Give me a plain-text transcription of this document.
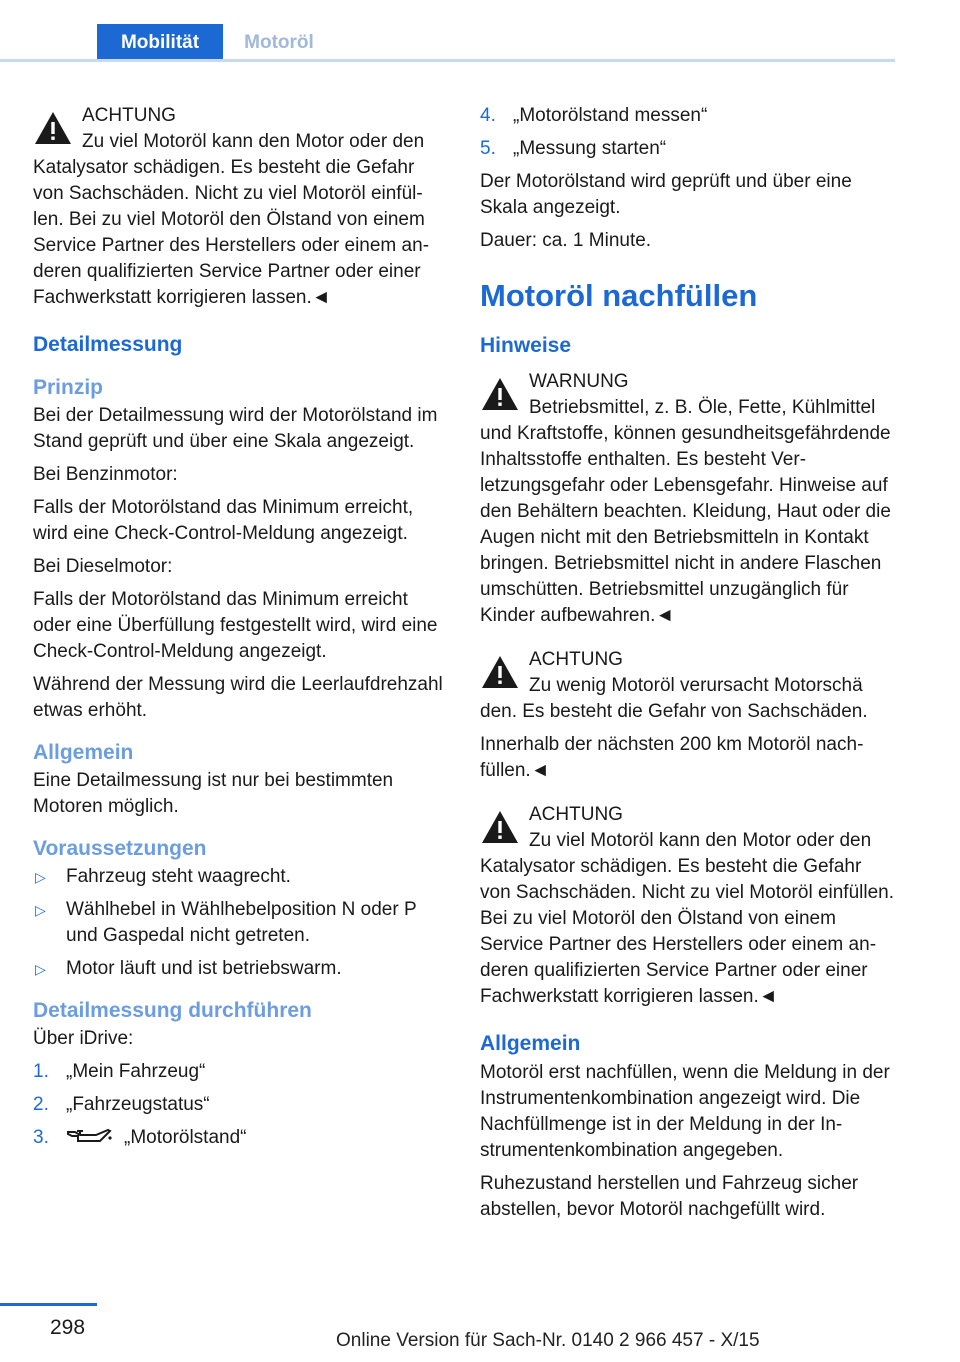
Mobilität	Motoröl
ACHTUNG
Zu viel Motoröl kann den Motor oder den
Katalysator schädigen. Es besteht die Gefahr von Sachschäden. Nicht zu viel Motoröl einfüllen. Bei zu viel Motoröl den Ölstand von einem Service Partner des Herstellers oder einem anderen qualifizierten Service Partner oder einer Fachwerkstatt korrigieren lassen.◄
Detailmessung
Prinzip

Bei der Detailmessung wird der Motorölstand im Stand geprüft und über eine Skala angezeigt.

Bei Benzinmotor:

Falls der Motorölstand das Minimum erreicht, wird eine Check-Control-Meldung angezeigt.

Bei Dieselmotor:

Falls der Motorölstand das Minimum erreicht oder eine Überfüllung festgestellt wird, wird eine Check-Control-Meldung angezeigt.

Während der Messung wird die Leerlaufdrehzahl etwas erhöht.

Allgemein

Eine Detailmessung ist nur bei bestimmten Motoren möglich.

Voraussetzungen
▷ Fahrzeug steht waagrecht.
▷ Wählhebel in Wählhebelposition N oder P und Gaspedal nicht getreten.
▷ Motor läuft und ist betriebswarm.
Detailmessung durchführen

Über iDrive:

1. „Mein Fahrzeug“
2. „Fahrzeugstatus“
3.	„Motorölstand“
4. „Motorölstand messen“
5. „Messung starten“

Der Motorölstand wird geprüft und über eine Skala angezeigt.

Dauer: ca. 1 Minute.

Motoröl nachfüllen
Hinweise
WARNUNG
Betriebsmittel, z. B. Öle, Fette, Kühlmittel
und Kraftstoffe, können gesundheitsgefährdende Inhaltsstoffe enthalten. Es besteht Verletzungsgefahr oder Lebensgefahr. Hinweise auf den Behältern beachten. Kleidung, Haut oder die Augen nicht mit den Betriebsmitteln in Kontakt bringen. Betriebsmittel nicht in andere Flaschen umschütten. Betriebsmittel unzugänglich für Kinder aufbewahren.◄
ACHTUNG
Zu wenig Motoröl verursacht Motorschä
den. Es besteht die Gefahr von Sachschäden.

Innerhalb der nächsten 200 km Motoröl nachfüllen.◄

ACHTUNG
Zu viel Motoröl kann den Motor oder den
Katalysator schädigen. Es besteht die Gefahr von Sachschäden. Nicht zu viel Motoröl einfüllen. Bei zu viel Motoröl den Ölstand von einem Service Partner des Herstellers oder einem anderen qualifizierten Service Partner oder einer Fachwerkstatt korrigieren lassen.◄
Allgemein

Motoröl erst nachfüllen, wenn die Meldung in der Instrumentenkombination angezeigt wird. Die Nachfüllmenge ist in der Meldung in der Instrumentenkombination angegeben.

Ruhezustand herstellen und Fahrzeug sicher abstellen, bevor Motoröl nachgefüllt wird.

298
Online Version für Sach-Nr. 0140 2 966 457 - X/15
